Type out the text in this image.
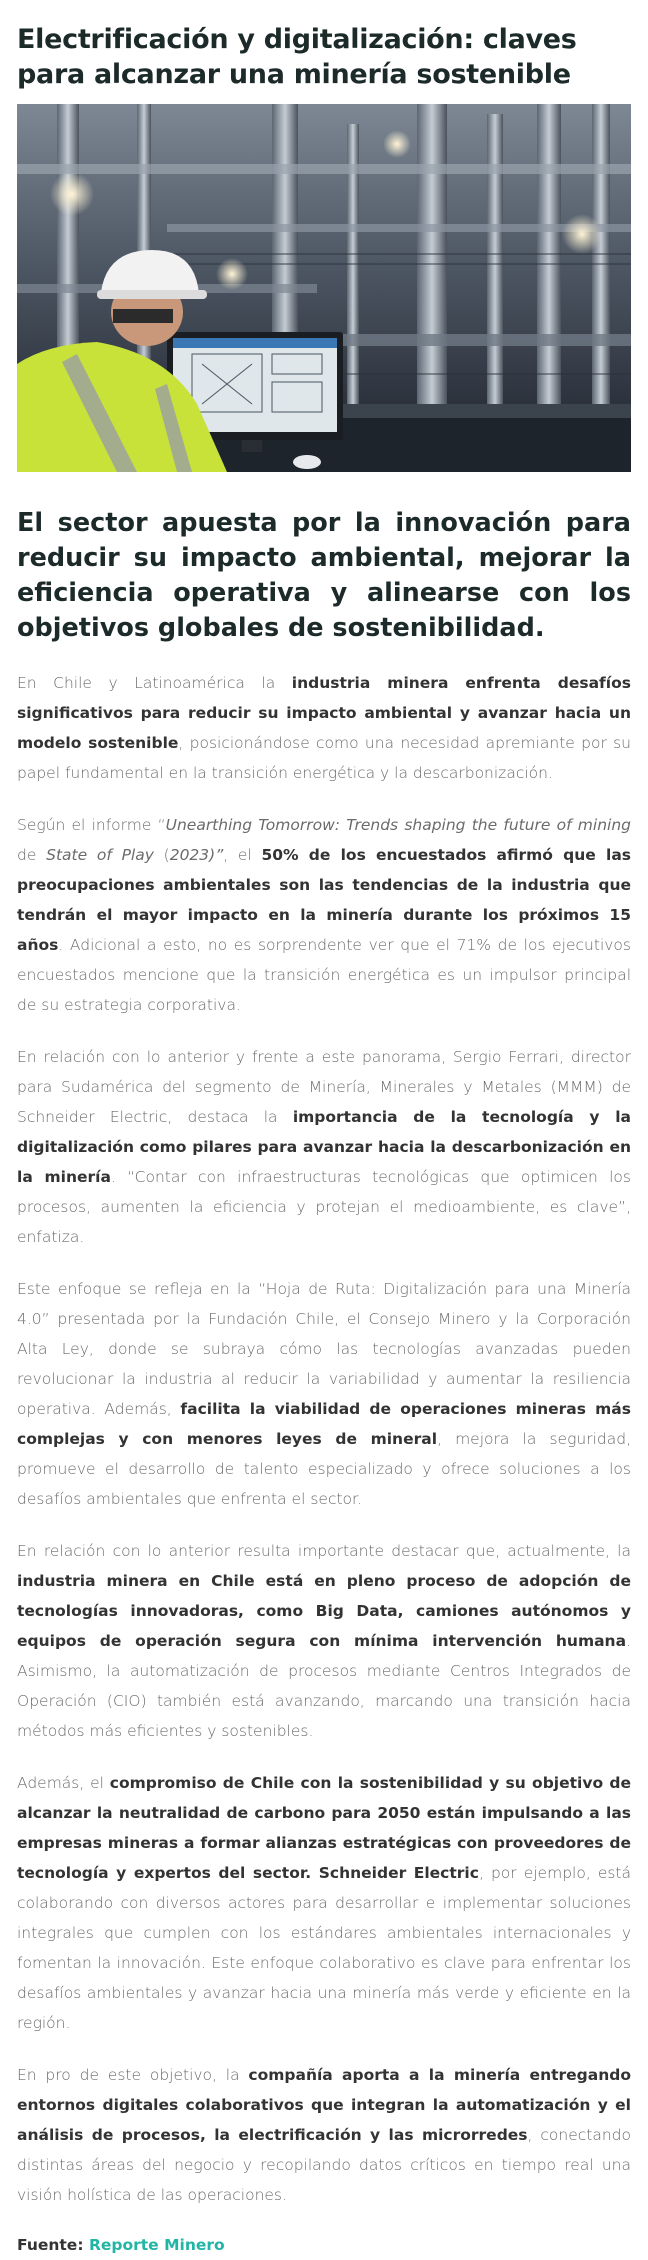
Electrificación y digitalización: claves para alcanzar una minería sostenible
El sector apuesta por la innovación para reducir su impacto ambiental, mejorar la eficiencia operativa y alinearse con los objetivos globales de sostenibilidad.

En Chile y Latinoamérica la industria minera enfrenta desafíos significativos para reducir su impacto ambiental y avanzar hacia un modelo sostenible, posicionándose como una necesidad apremiante por su papel fundamental en la transición energética y la descarbonización.

Según el informe “Unearthing Tomorrow: Trends shaping the future of mining de State of Play (2023)”, el 50% de los encuestados afirmó que las preocupaciones ambientales son las tendencias de la industria que tendrán el mayor impacto en la minería durante los próximos 15 años. Adicional a esto, no es sorprendente ver que el 71% de los ejecutivos encuestados mencione que la transición energética es un impulsor principal de su estrategia corporativa.

En relación con lo anterior y frente a este panorama, Sergio Ferrari, director para Sudamérica del segmento de Minería, Minerales y Metales (MMM) de Schneider Electric, destaca la importancia de la tecnología y la digitalización como pilares para avanzar hacia la descarbonización en la minería. “Contar con infraestructuras tecnológicas que optimicen los procesos, aumenten la eficiencia y protejan el medioambiente, es clave”, enfatiza.

Este enfoque se refleja en la “Hoja de Ruta: Digitalización para una Minería 4.0” presentada por la Fundación Chile, el Consejo Minero y la Corporación Alta Ley, donde se subraya cómo las tecnologías avanzadas pueden revolucionar la industria al reducir la variabilidad y aumentar la resiliencia operativa. Además, facilita la viabilidad de operaciones mineras más complejas y con menores leyes de mineral, mejora la seguridad, promueve el desarrollo de talento especializado y ofrece soluciones a los desafíos ambientales que enfrenta el sector.

En relación con lo anterior resulta importante destacar que, actualmente, la industria minera en Chile está en pleno proceso de adopción de tecnologías innovadoras, como Big Data, camiones autónomos y equipos de operación segura con mínima intervención humana. Asimismo, la automatización de procesos mediante Centros Integrados de Operación (CIO) también está avanzando, marcando una transición hacia métodos más eficientes y sostenibles.

Además, el compromiso de Chile con la sostenibilidad y su objetivo de alcanzar la neutralidad de carbono para 2050 están impulsando a las empresas mineras a formar alianzas estratégicas con proveedores de tecnología y expertos del sector. Schneider Electric, por ejemplo, está colaborando con diversos actores para desarrollar e implementar soluciones integrales que cumplen con los estándares ambientales internacionales y fomentan la innovación. Este enfoque colaborativo es clave para enfrentar los desafíos ambientales y avanzar hacia una minería más verde y eficiente en la región.

En pro de este objetivo, la compañía aporta a la minería entregando entornos digitales colaborativos que integran la automatización y el análisis de procesos, la electrificación y las microrredes, conectando distintas áreas del negocio y recopilando datos críticos en tiempo real una visión holística de las operaciones.

Fuente: Reporte Minero
